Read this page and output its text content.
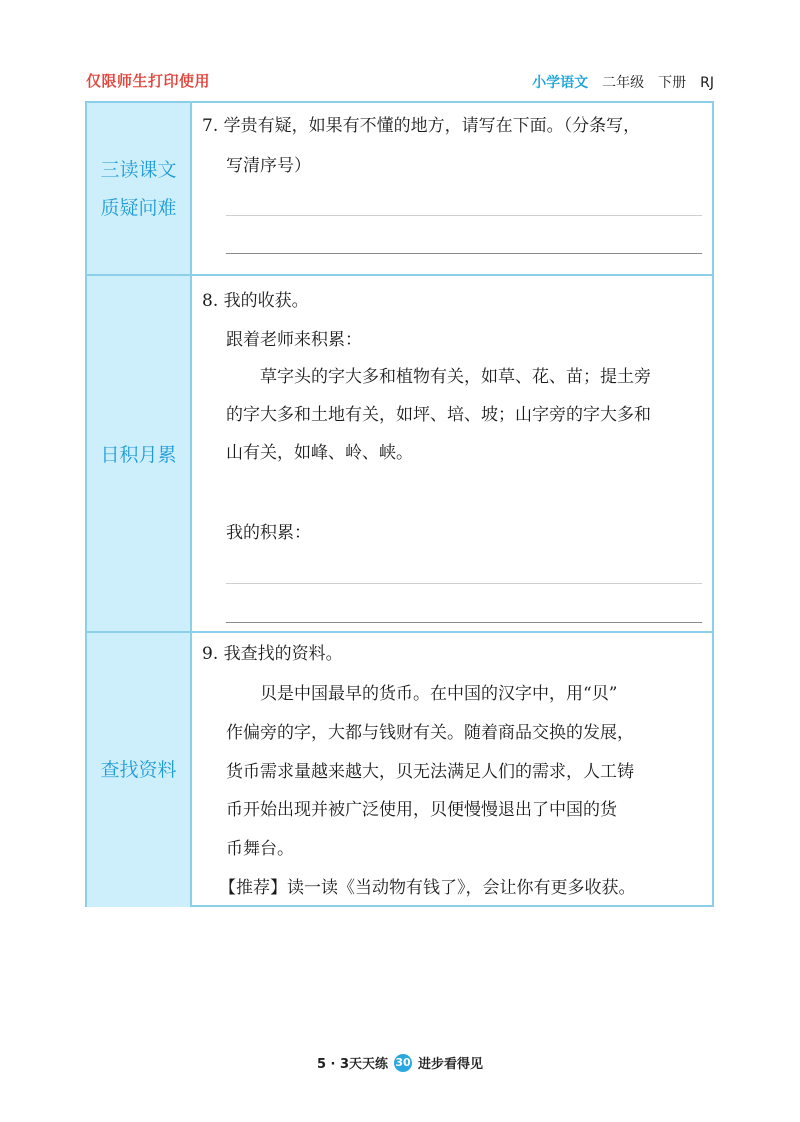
仅限师生打印使用	小学语文 二年级 下册 RJ
三读课文
质疑问难
7. 学贵有疑，如果有不懂的地方，请写在下面。（分条写，
写清序号）
日积月累
8. 我的收获。
跟着老师来积累：
草字头的字大多和植物有关，如草、花、苗；提土旁
的字大多和土地有关，如坪、培、坡；山字旁的字大多和
山有关，如峰、岭、峡。
我的积累：
查找资料
9. 我查找的资料。
贝是中国最早的货币。在中国的汉字中，用“贝”
作偏旁的字，大都与钱财有关。随着商品交换的发展，
货币需求量越来越大，贝无法满足人们的需求，人工铸
币开始出现并被广泛使用，贝便慢慢退出了中国的货
币舞台。
【推荐】读一读《当动物有钱了》，会让你有更多收获。
5 · 3天天练 30 进步看得见
